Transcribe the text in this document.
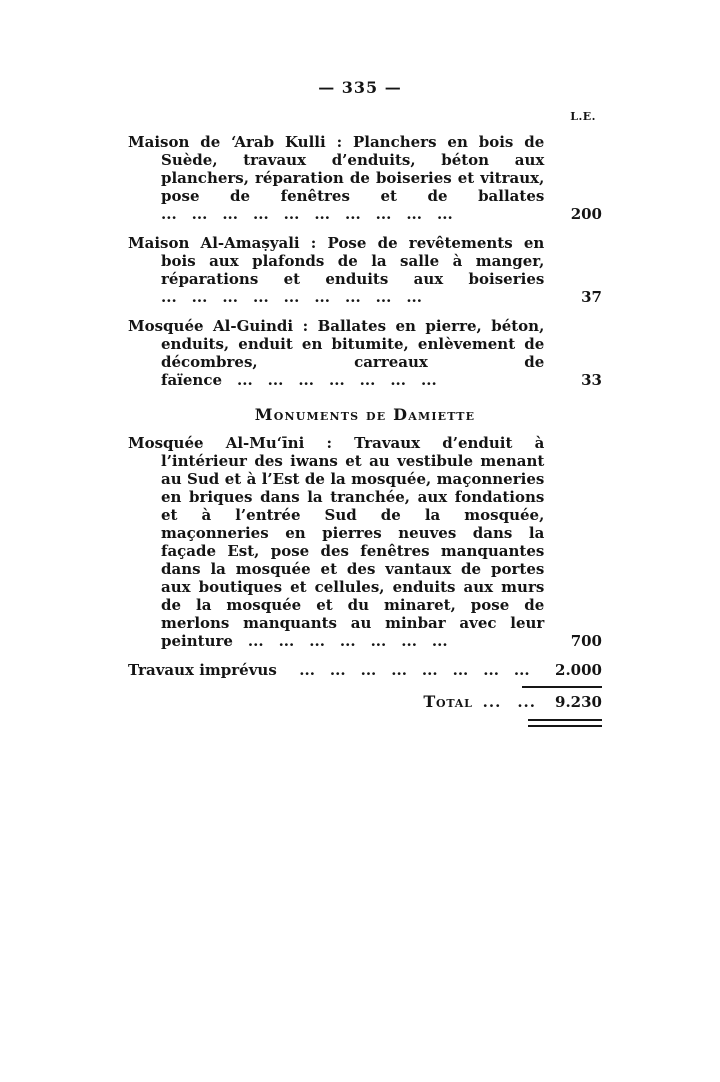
— 335 —
L.E.
Maison de ‘Arab Kulli : Planchers en bois de Suède, travaux d’enduits, béton aux planchers, réparation de boiseries et vitraux, pose de fenêtres et de ballates ... ... ... ... ... ... ... ... ... ...	200
Maison Al-Amaṣyali : Pose de revêtements en bois aux plafonds de la salle à manger, réparations et enduits aux boiseries ... ... ... ... ... ... ... ... ...	37
Mosquée Al-Guindi : Ballates en pierre, béton, enduits, enduit en bitumite, enlèvement de décombres, carreaux de faïence ... ... ... ... ... ... ...	33
Monuments de Damiette
Mosquée Al-Mu‘īni : Travaux d’enduit à l’intérieur des iwans et au vestibule menant au Sud et à l’Est de la mosquée, maçonneries en briques dans la tranchée, aux fondations et à l’entrée Sud de la mosquée, maçonneries en pierres neuves dans la façade Est, pose des fenêtres manquantes dans la mosquée et des vantaux de portes aux boutiques et cellules, enduits aux murs de la mosquée et du minaret, pose de merlons manquants au minbar avec leur peinture ... ... ... ... ... ... ...	700
Travaux imprévus  ... ... ... ... ... ... ... ...	2.000
Total ... ...	9.230
